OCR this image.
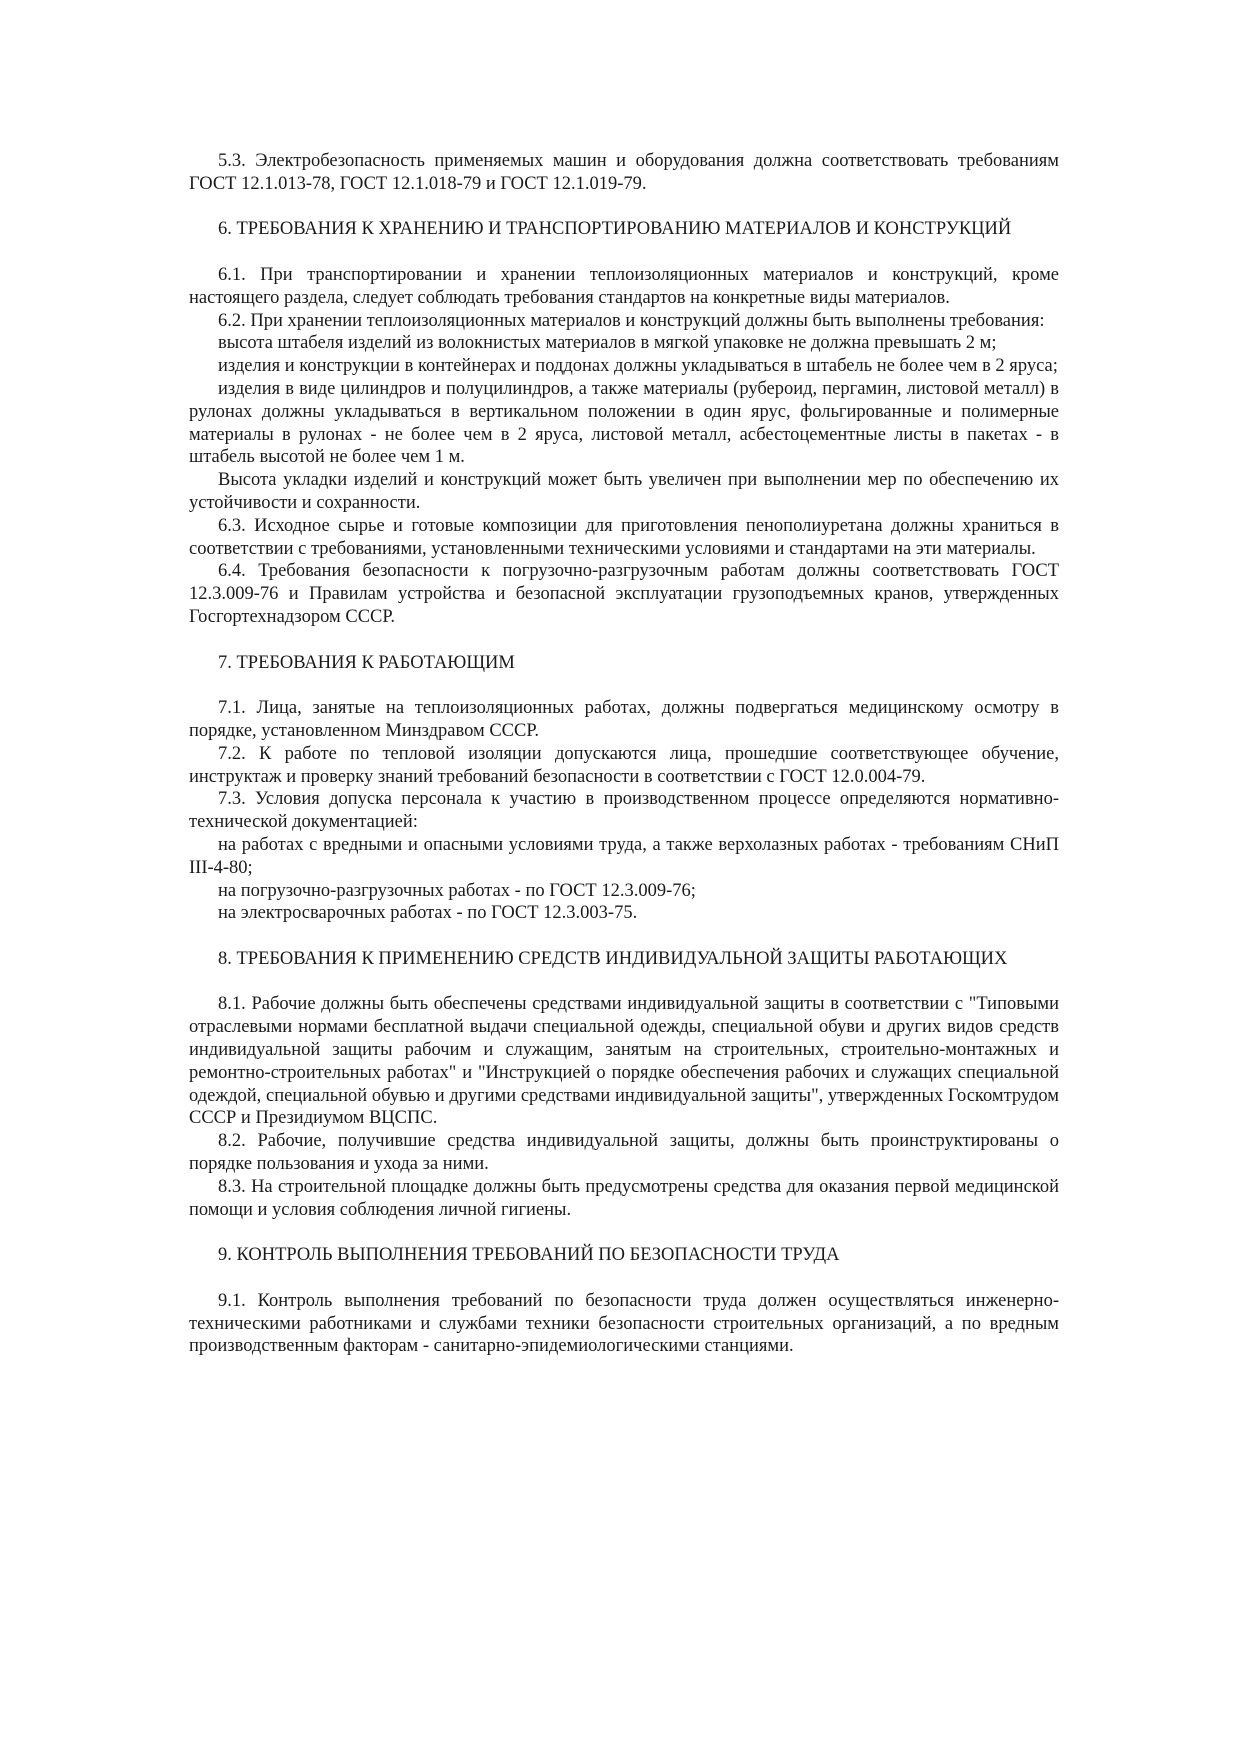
5.3. Электробезопасность применяемых машин и оборудования должна соответствовать требованиям ГОСТ 12.1.013-78, ГОСТ 12.1.018-79 и ГОСТ 12.1.019-79.

6. ТРЕБОВАНИЯ К ХРАНЕНИЮ И ТРАНСПОРТИРОВАНИЮ МАТЕРИАЛОВ И КОНСТРУКЦИЙ

6.1. При транспортировании и хранении теплоизоляционных материалов и конструкций, кроме настоящего раздела, следует соблюдать требования стандартов на конкретные виды материалов.

6.2. При хранении теплоизоляционных материалов и конструкций должны быть выполнены требования:

высота штабеля изделий из волокнистых материалов в мягкой упаковке не должна превышать 2 м;

изделия и конструкции в контейнерах и поддонах должны укладываться в штабель не более чем в 2 яруса;

изделия в виде цилиндров и полуцилиндров, а также материалы (рубероид, пергамин, листовой металл) в рулонах должны укладываться в вертикальном положении в один ярус, фольгированные и полимерные материалы в рулонах - не более чем в 2 яруса, листовой металл, асбестоцементные листы в пакетах - в штабель высотой не более чем 1 м.

Высота укладки изделий и конструкций может быть увеличен при выполнении мер по обеспечению их устойчивости и сохранности.

6.3. Исходное сырье и готовые композиции для приготовления пенополиуретана должны храниться в соответствии с требованиями, установленными техническими условиями и стандартами на эти материалы.

6.4. Требования безопасности к погрузочно-разгрузочным работам должны соответствовать ГОСТ 12.3.009-76 и Правилам устройства и безопасной эксплуатации грузоподъемных кранов, утвержденных Госгортехнадзором СССР.

7. ТРЕБОВАНИЯ К РАБОТАЮЩИМ

7.1. Лица, занятые на теплоизоляционных работах, должны подвергаться медицинскому осмотру в порядке, установленном Минздравом СССР.

7.2. К работе по тепловой изоляции допускаются лица, прошедшие соответствующее обучение, инструктаж и проверку знаний требований безопасности в соответствии с ГОСТ 12.0.004-79.

7.3. Условия допуска персонала к участию в производственном процессе определяются нормативно-технической документацией:

на работах с вредными и опасными условиями труда, а также верхолазных работах - требованиям СНиП III-4-80;

на погрузочно-разгрузочных работах - по ГОСТ 12.3.009-76;

на электросварочных работах - по ГОСТ 12.3.003-75.

8. ТРЕБОВАНИЯ К ПРИМЕНЕНИЮ СРЕДСТВ ИНДИВИДУАЛЬНОЙ ЗАЩИТЫ РАБОТАЮЩИХ

8.1. Рабочие должны быть обеспечены средствами индивидуальной защиты в соответствии с "Типовыми отраслевыми нормами бесплатной выдачи специальной одежды, специальной обуви и других видов средств индивидуальной защиты рабочим и служащим, занятым на строительных, строительно-монтажных и ремонтно-строительных работах" и "Инструкцией о порядке обеспечения рабочих и служащих специальной одеждой, специальной обувью и другими средствами индивидуальной защиты", утвержденных Госкомтрудом СССР и Президиумом ВЦСПС.

8.2. Рабочие, получившие средства индивидуальной защиты, должны быть проинструктированы о порядке пользования и ухода за ними.

8.3. На строительной площадке должны быть предусмотрены средства для оказания первой медицинской помощи и условия соблюдения личной гигиены.

9. КОНТРОЛЬ ВЫПОЛНЕНИЯ ТРЕБОВАНИЙ ПО БЕЗОПАСНОСТИ ТРУДА

9.1. Контроль выполнения требований по безопасности труда должен осуществляться инженерно-техническими работниками и службами техники безопасности строительных организаций, а по вредным производственным факторам - санитарно-эпидемиологическими станциями.
